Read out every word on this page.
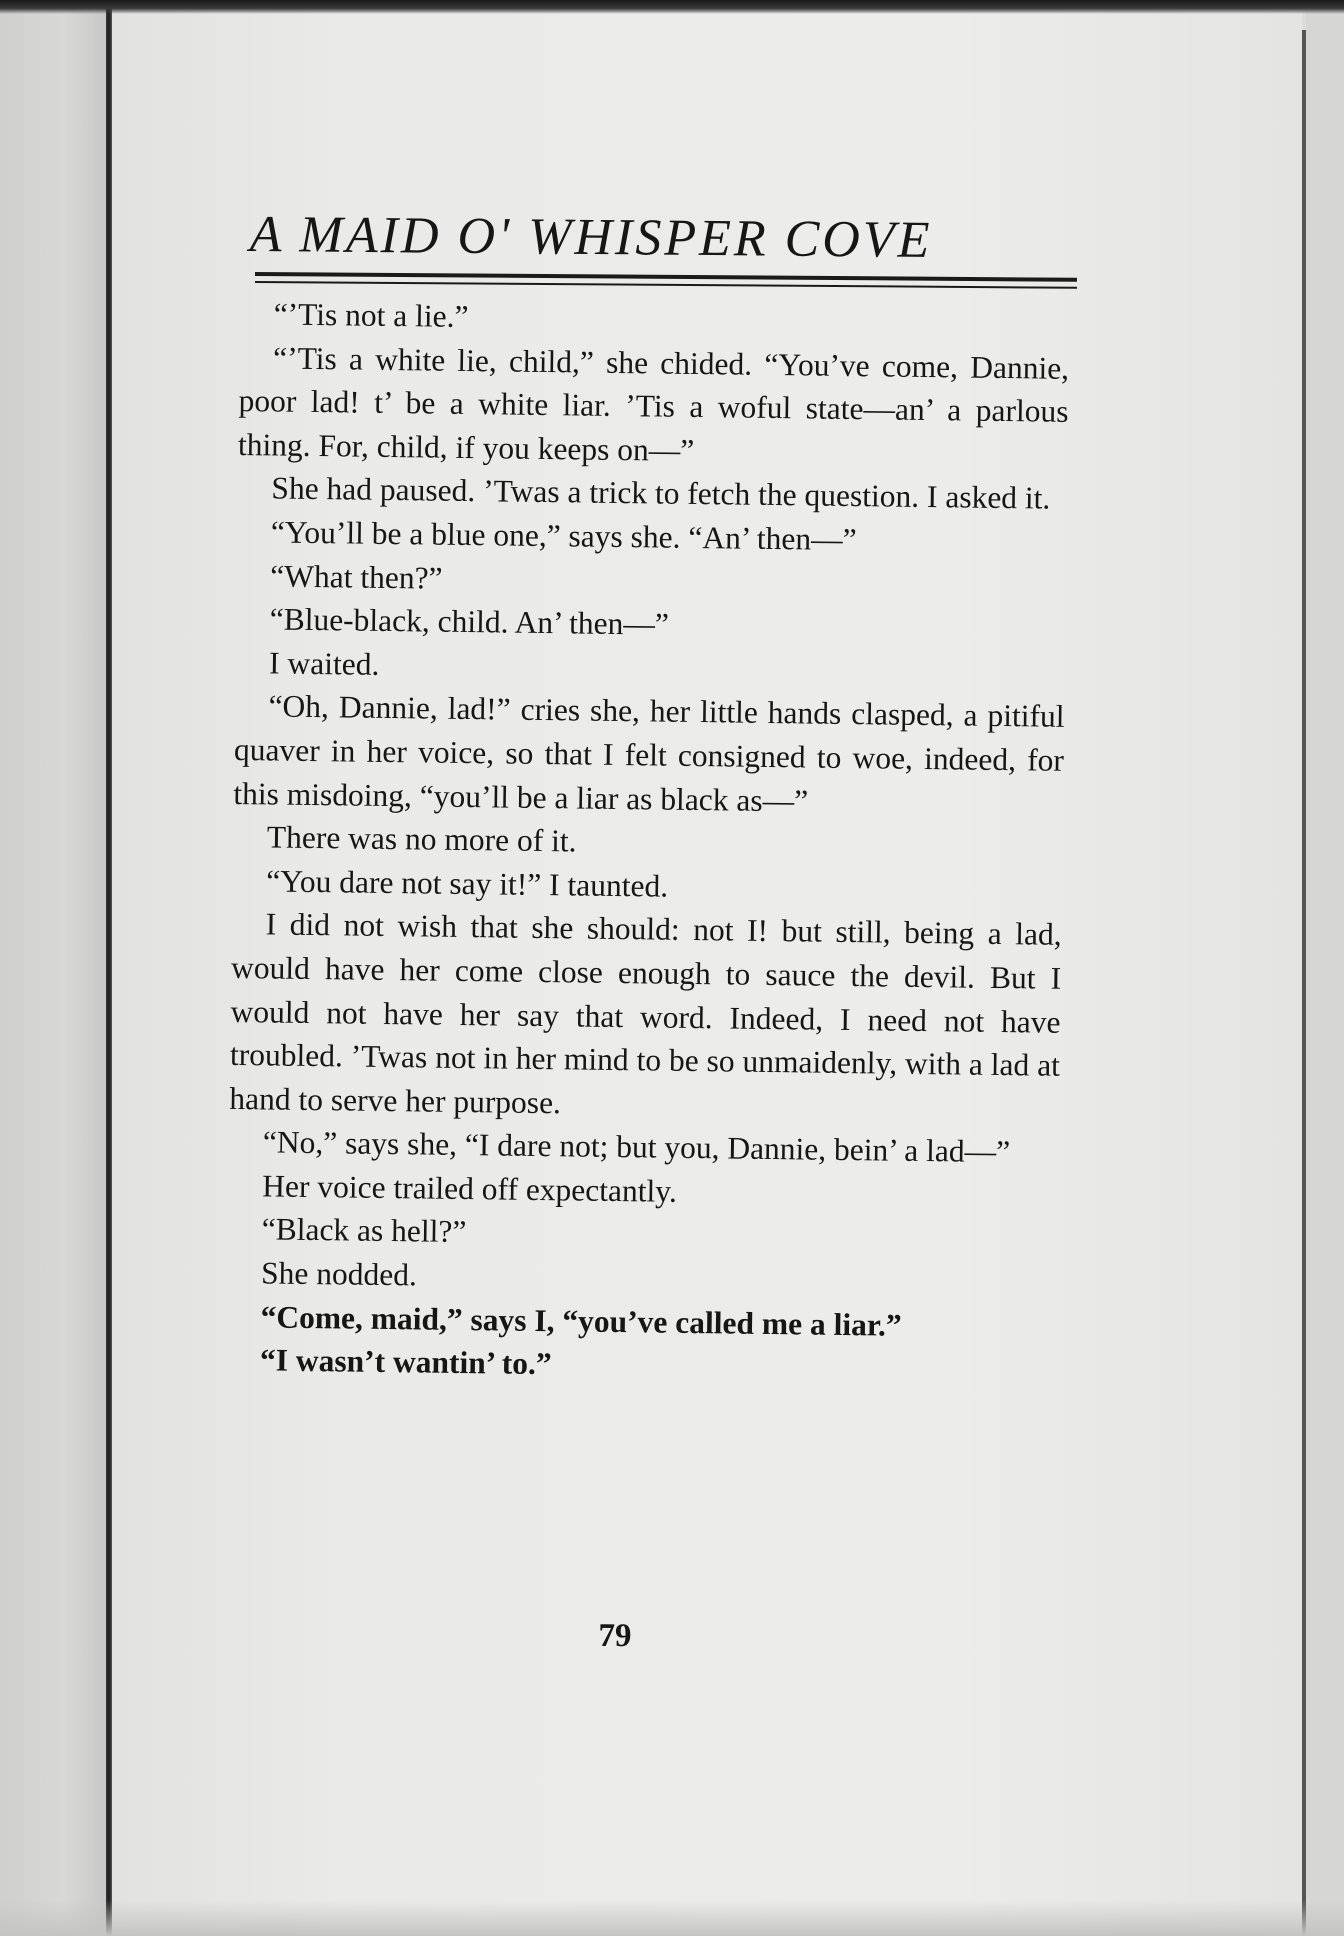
A MAID O' WHISPER COVE

“’Tis not a lie.”

“’Tis a white lie, child,” she chided. “You’ve come, Dannie, poor lad! t’ be a white liar. ’Tis a woful state—an’ a parlous thing. For, child, if you keeps on—”

She had paused. ’Twas a trick to fetch the question. I asked it.

“You’ll be a blue one,” says she. “An’ then—”

“What then?”

“Blue-black, child. An’ then—”

I waited.

“Oh, Dannie, lad!” cries she, her little hands clasped, a pitiful quaver in her voice, so that I felt consigned to woe, indeed, for this misdoing, “you’ll be a liar as black as—”

There was no more of it.

“You dare not say it!” I taunted.

I did not wish that she should: not I! but still, being a lad, would have her come close enough to sauce the devil. But I would not have her say that word. Indeed, I need not have troubled. ’Twas not in her mind to be so unmaidenly, with a lad at hand to serve her purpose.

“No,” says she, “I dare not; but you, Dannie, bein’ a lad—”

Her voice trailed off expectantly.

“Black as hell?”

She nodded.

“Come, maid,” says I, “you’ve called me a liar.”

“I wasn’t wantin’ to.”

79
